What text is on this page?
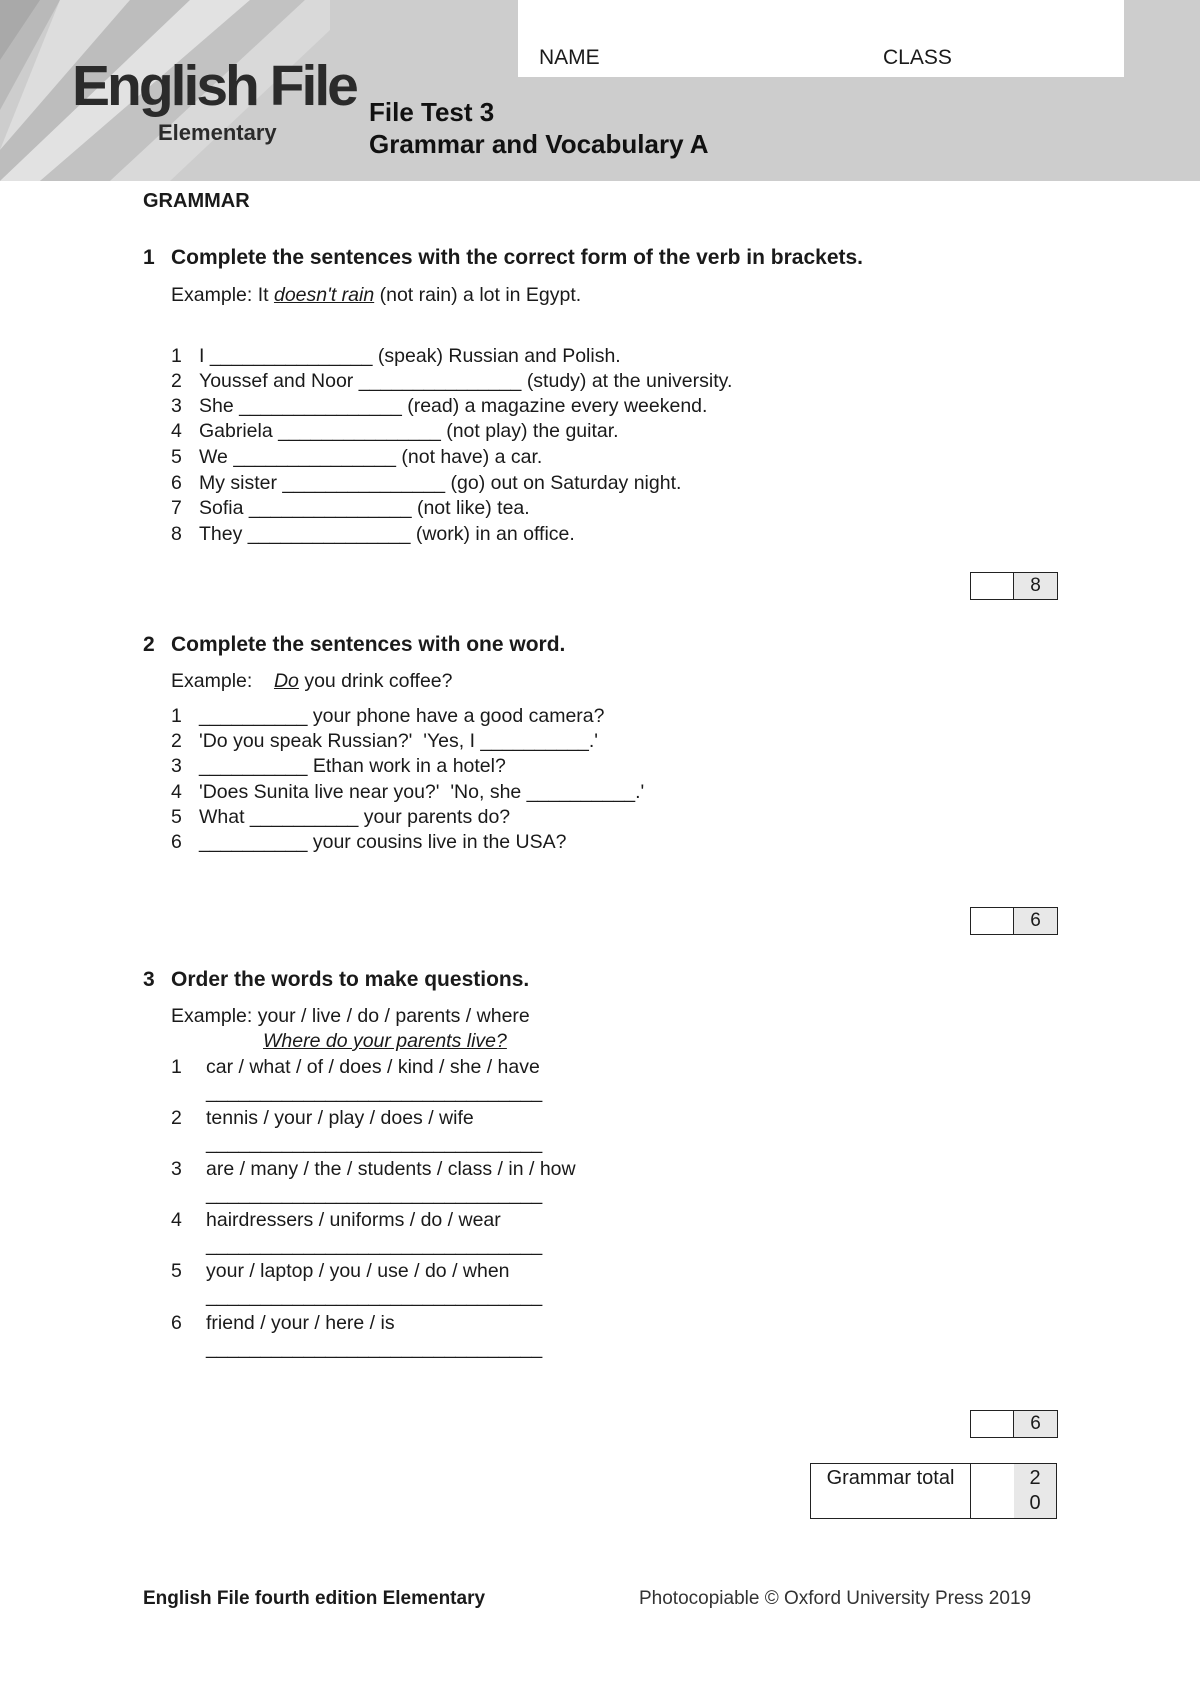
English File
Elementary
NAME	CLASS
File Test 3
Grammar and Vocabulary A
GRAMMAR
1 Complete the sentences with the correct form of the verb in brackets.
Example: It doesn't rain (not rain) a lot in Egypt.
1 I _______________ (speak) Russian and Polish.
2 Youssef and Noor _______________ (study) at the university.
3 She _______________ (read) a magazine every weekend.
4 Gabriela _______________ (not play) the guitar.
5 We _______________ (not have) a car.
6 My sister _______________ (go) out on Saturday night.
7 Sofia _______________ (not like) tea.
8 They _______________ (work) in an office.
8
2 Complete the sentences with one word.
Example:    Do you drink coffee?
1 __________ your phone have a good camera?
2 'Do you speak Russian?'  'Yes, I __________.'
3 __________ Ethan work in a hotel?
4 'Does Sunita live near you?'  'No, she __________.'
5 What __________ your parents do?
6 __________ your cousins live in the USA?
6
3 Order the words to make questions.
Example: your / live / do / parents / where
Where do your parents live?
1 car / what / of / does / kind / she / have
_______________________________
2 tennis / your / play / does / wife
_______________________________
3 are / many / the / students / class / in / how
_______________________________
4 hairdressers / uniforms / do / wear
_______________________________
5 your / laptop / you / use / do / when
_______________________________
6 friend / your / here / is
_______________________________
6
Grammar total	2
0
English File fourth edition Elementary	Photocopiable © Oxford University Press 2019
